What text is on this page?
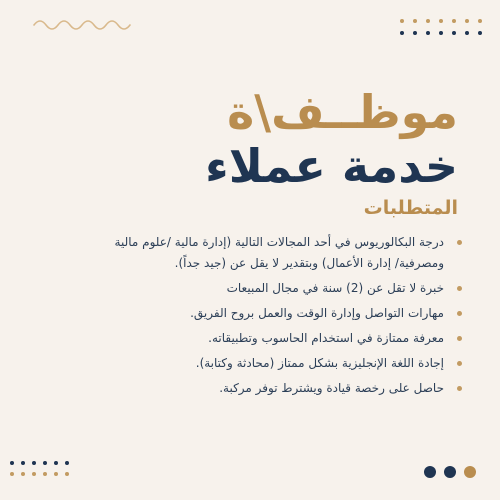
موظــف\ة
خدمة عملاء
المتطلبات
درجة البكالوريوس في أحد المجالات التالية (إدارة مالية /علوم مالية ومصرفية/ إدارة الأعمال) وبتقدير لا يقل عن (جيد جداً).
خبرة لا تقل عن (2) سنة في مجال المبيعات
مهارات التواصل وإدارة الوقت والعمل بروح الفريق.
معرفة ممتازة في استخدام الحاسوب وتطبيقاته.
إجادة اللغة الإنجليزية بشكل ممتاز (محادثة وكتابة).
حاصل على رخصة قيادة ويشترط توفر مركبة.
